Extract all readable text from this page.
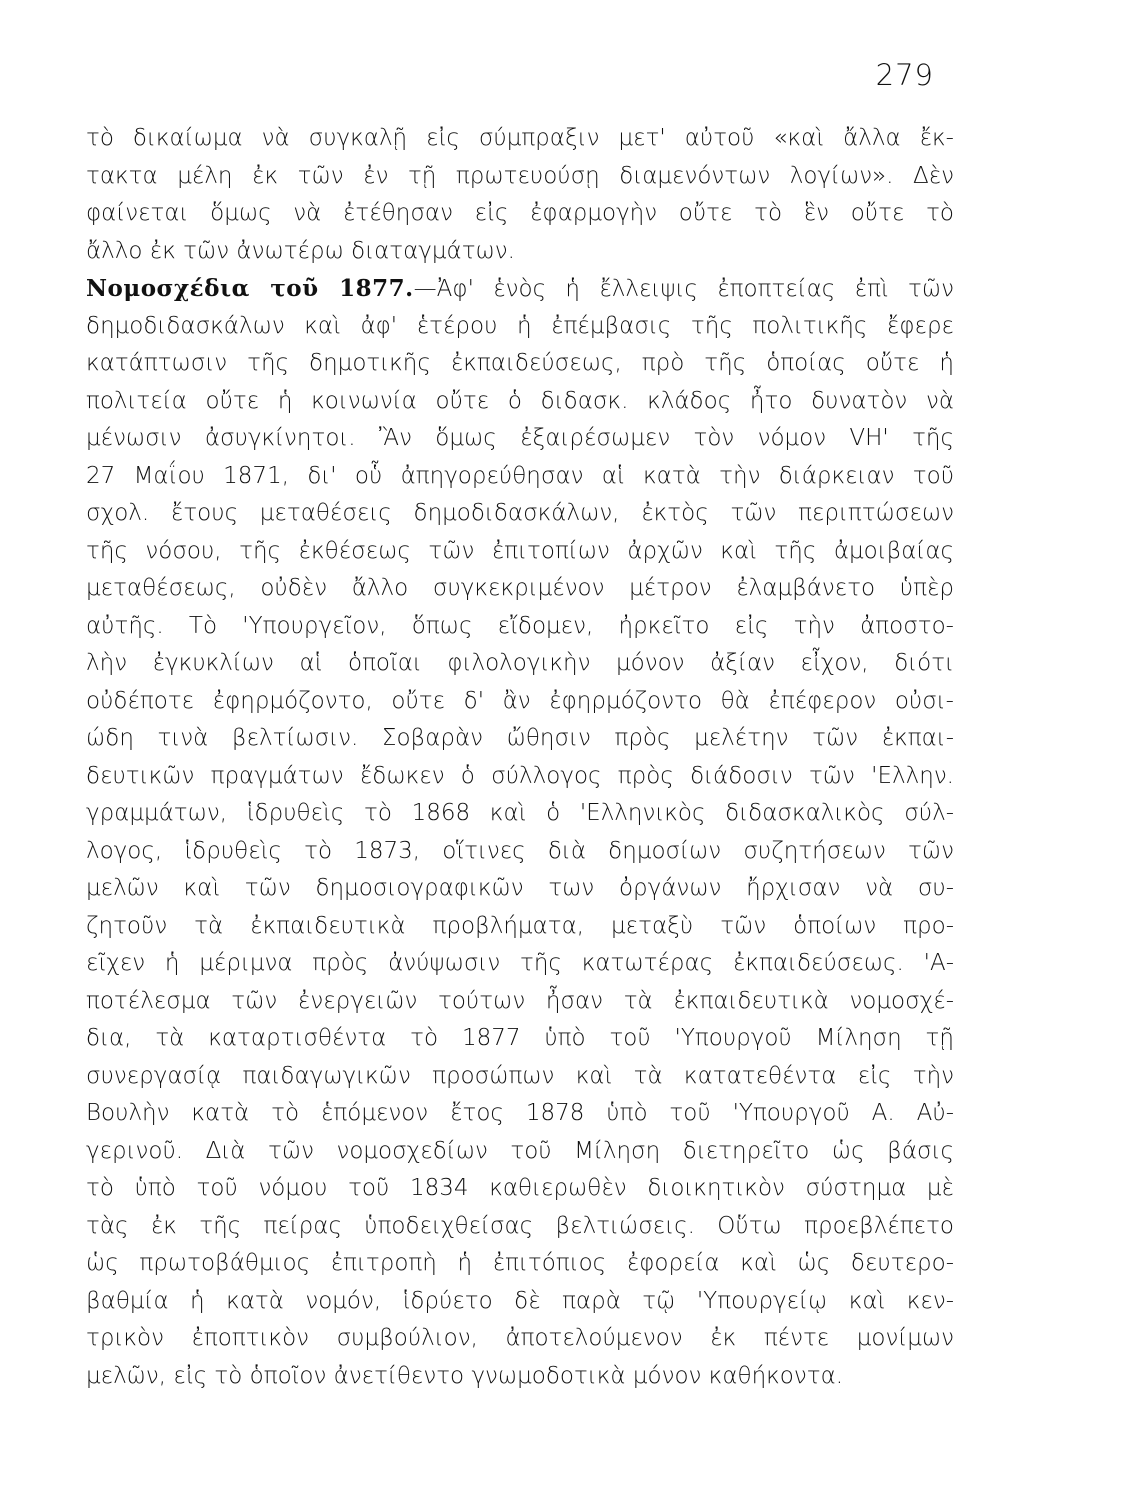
279
τὸ δικαίωμα νὰ συγκαλῇ εἰς σύμπραξιν μετ' αὐτοῦ «καὶ ἄλλα ἔκ-
τακτα μέλη ἐκ τῶν ἐν τῇ πρωτευούσῃ διαμενόντων λογίων». Δὲν
φαίνεται ὅμως νὰ ἐτέθησαν εἰς ἐφαρμογὴν οὔτε τὸ ἓν οὔτε τὸ
ἄλλο ἐκ τῶν ἀνωτέρω διαταγμάτων.
Νομοσχέδια τοῦ 1877.—Ἀφ' ἑνὸς ἡ ἔλλειψις ἐποπτείας ἐπὶ τῶν
δημοδιδασκάλων καὶ ἀφ' ἑτέρου ἡ ἐπέμβασις τῆς πολιτικῆς ἔφερε
κατάπτωσιν τῆς δημοτικῆς ἐκπαιδεύσεως, πρὸ τῆς ὁποίας οὔτε ἡ
πολιτεία οὔτε ἡ κοινωνία οὔτε ὁ διδασκ. κλάδος ἦτο δυνατὸν νὰ
μένωσιν ἀσυγκίνητοι. Ἂν ὅμως ἐξαιρέσωμεν τὸν νόμον VH' τῆς
27 Μαΐου 1871, δι' οὗ ἀπηγορεύθησαν αἱ κατὰ τὴν διάρκειαν τοῦ
σχολ. ἔτους μεταθέσεις δημοδιδασκάλων, ἐκτὸς τῶν περιπτώσεων
τῆς νόσου, τῆς ἐκθέσεως τῶν ἐπιτοπίων ἀρχῶν καὶ τῆς ἀμοιβαίας
μεταθέσεως, οὐδὲν ἄλλο συγκεκριμένον μέτρον ἐλαμβάνετο ὑπὲρ
αὐτῆς. Τὸ 'Υπουργεῖον, ὅπως εἴδομεν, ἠρκεῖτο εἰς τὴν ἀποστο-
λὴν ἐγκυκλίων αἱ ὁποῖαι φιλολογικὴν μόνον ἀξίαν εἶχον, διότι
οὐδέποτε ἐφηρμόζοντο, οὔτε δ' ἂν ἐφηρμόζοντο θὰ ἐπέφερον οὐσι-
ώδη τινὰ βελτίωσιν. Σοβαρὰν ὤθησιν πρὸς μελέτην τῶν ἐκπαι-
δευτικῶν πραγμάτων ἔδωκεν ὁ σύλλογος πρὸς διάδοσιν τῶν 'Ελλην.
γραμμάτων, ἱδρυθεὶς τὸ 1868 καὶ ὁ 'Ελληνικὸς διδασκαλικὸς σύλ-
λογος, ἱδρυθεὶς τὸ 1873, οἵτινες διὰ δημοσίων συζητήσεων τῶν
μελῶν καὶ τῶν δημοσιογραφικῶν των ὀργάνων ἤρχισαν νὰ συ-
ζητοῦν τὰ ἐκπαιδευτικὰ προβλήματα, μεταξὺ τῶν ὁποίων προ-
εῖχεν ἡ μέριμνα πρὸς ἀνύψωσιν τῆς κατωτέρας ἐκπαιδεύσεως. 'Α-
ποτέλεσμα τῶν ἐνεργειῶν τούτων ἦσαν τὰ ἐκπαιδευτικὰ νομοσχέ-
δια, τὰ καταρτισθέντα τὸ 1877 ὑπὸ τοῦ 'Υπουργοῦ Μίληση τῇ
συνεργασίᾳ παιδαγωγικῶν προσώπων καὶ τὰ κατατεθέντα εἰς τὴν
Βουλὴν κατὰ τὸ ἑπόμενον ἔτος 1878 ὑπὸ τοῦ 'Υπουργοῦ Α. Αὐ-
γερινοῦ. Διὰ τῶν νομοσχεδίων τοῦ Μίληση διετηρεῖτο ὡς βάσις
τὸ ὑπὸ τοῦ νόμου τοῦ 1834 καθιερωθὲν διοικητικὸν σύστημα μὲ
τὰς ἐκ τῆς πείρας ὑποδειχθείσας βελτιώσεις. Οὕτω προεβλέπετο
ὡς πρωτοβάθμιος ἐπιτροπὴ ἡ ἐπιτόπιος ἐφορεία καὶ ὡς δευτερο-
βαθμία ἡ κατὰ νομόν, ἱδρύετο δὲ παρὰ τῷ 'Υπουργείῳ καὶ κεν-
τρικὸν ἐποπτικὸν συμβούλιον, ἀποτελούμενον ἐκ πέντε μονίμων
μελῶν, εἰς τὸ ὁποῖον ἀνετίθεντο γνωμοδοτικὰ μόνον καθήκοντα.
